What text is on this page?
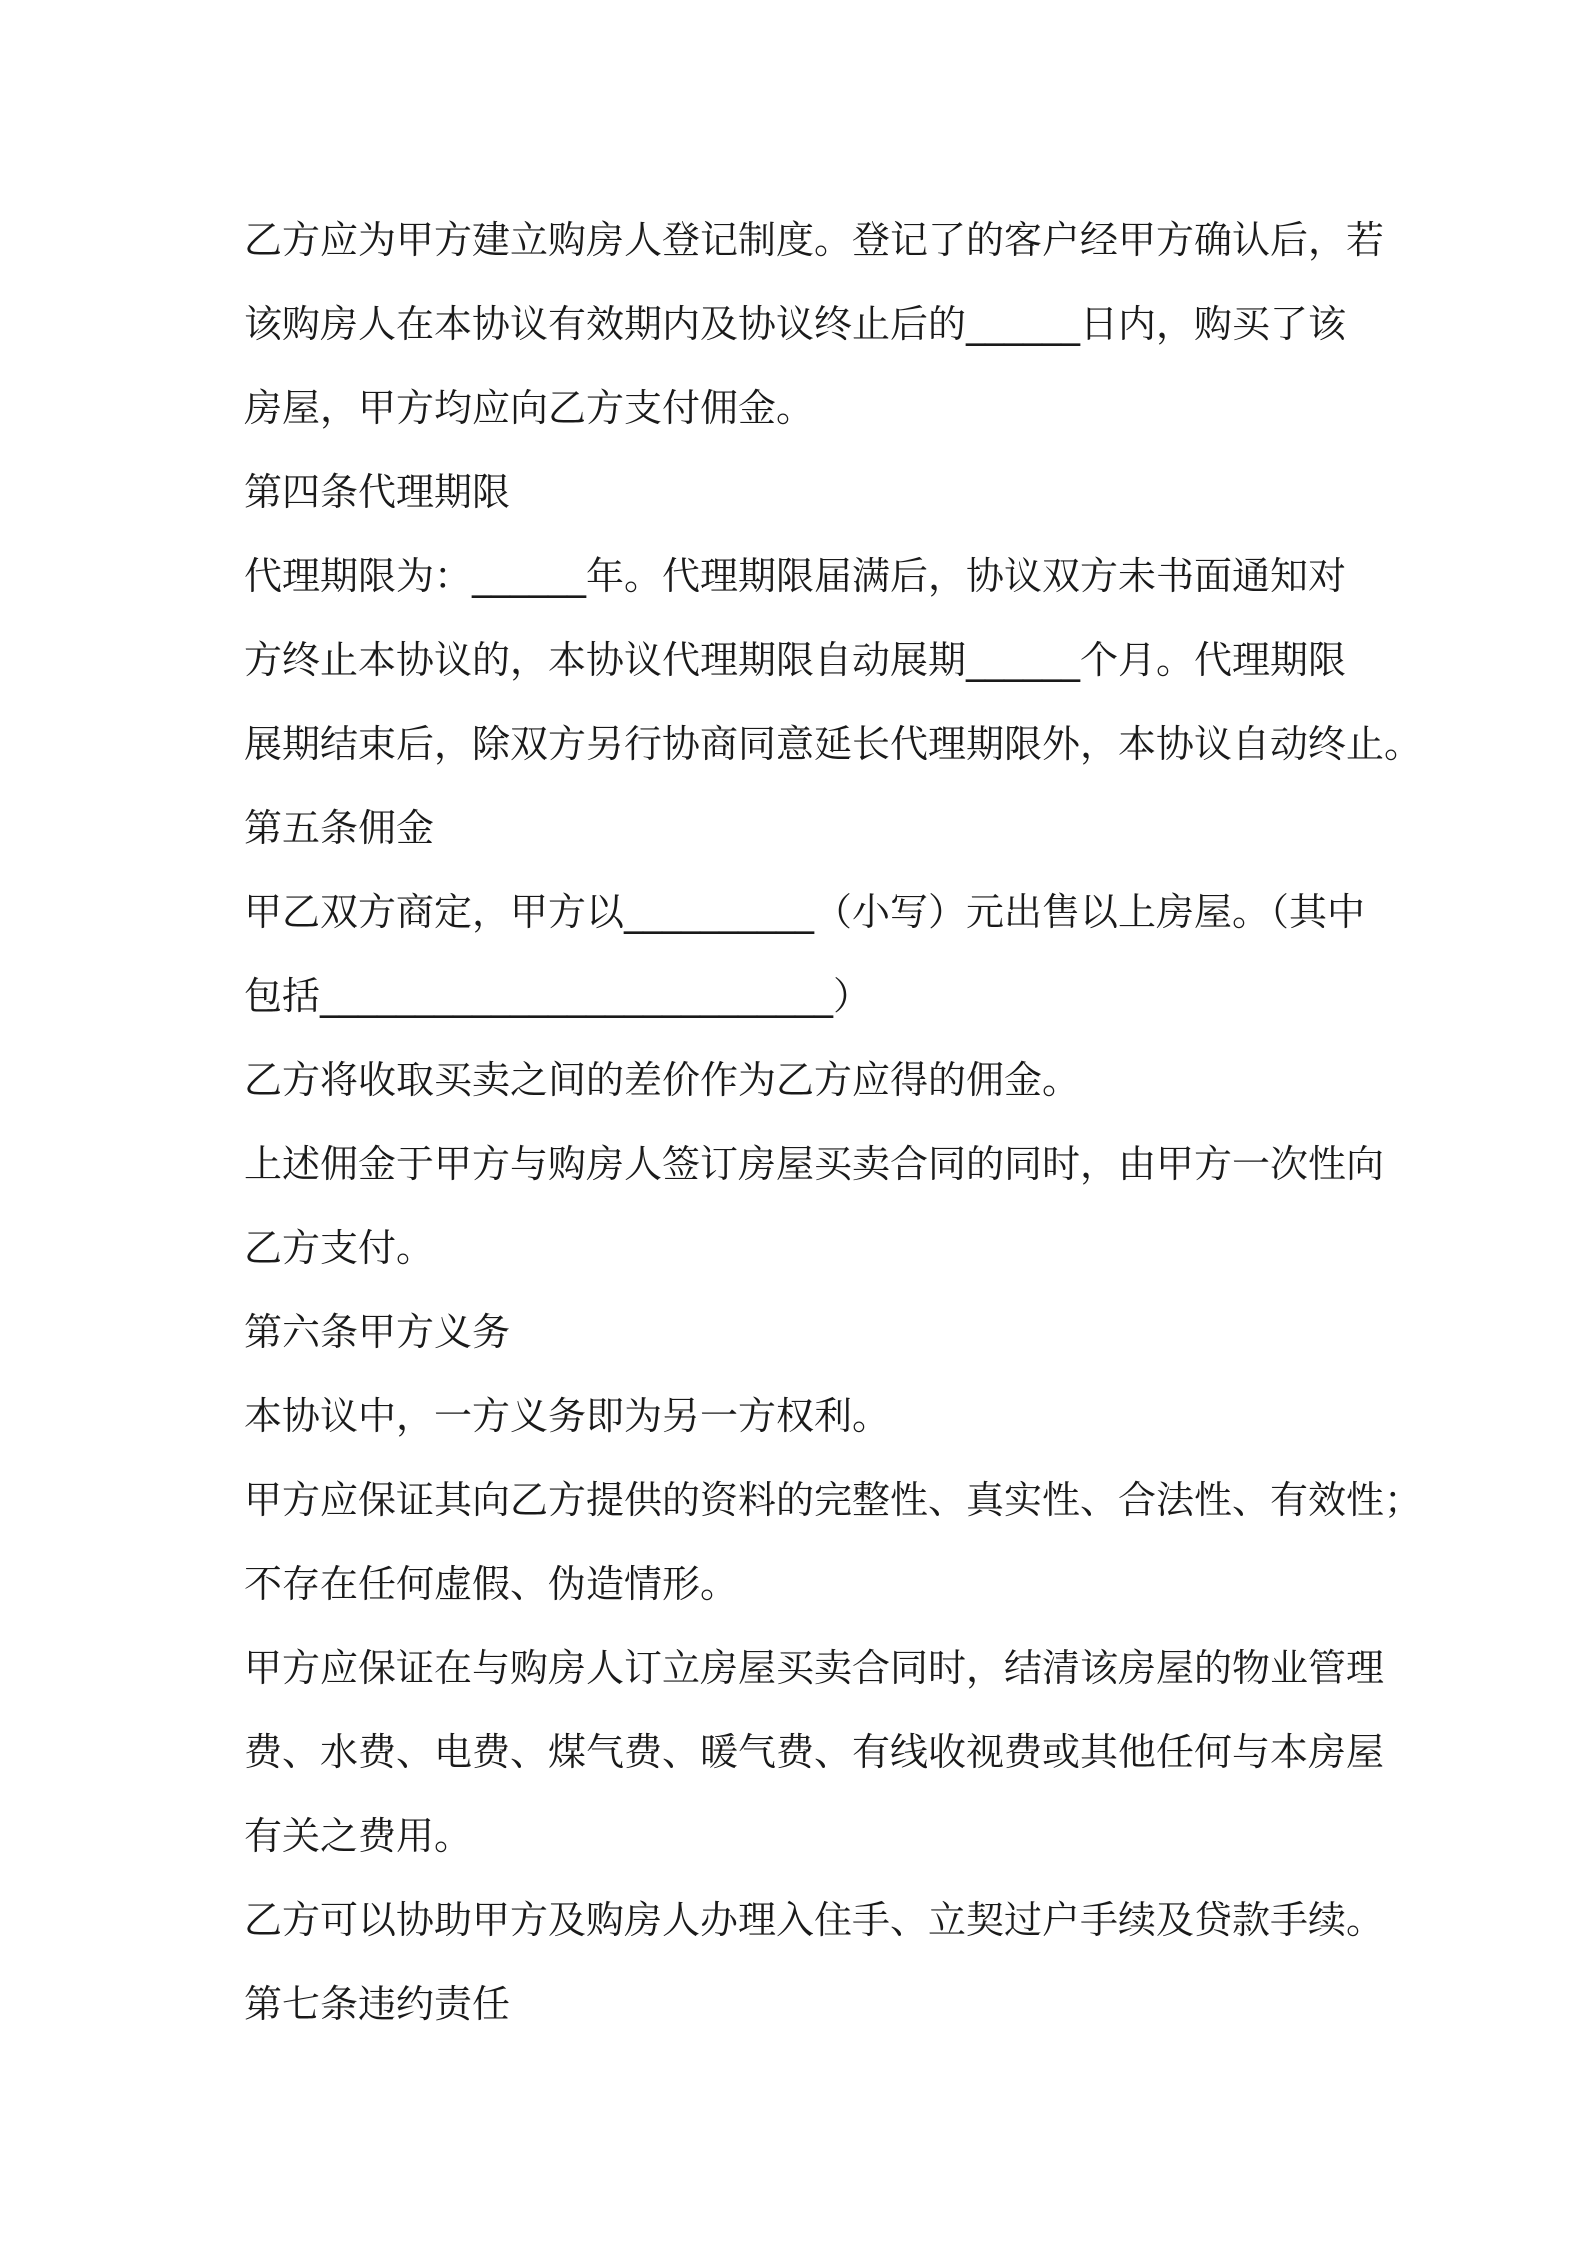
乙方应为甲方建立购房人登记制度。登记了的客户经甲方确认后，若
该购房人在本协议有效期内及协议终止后的______日内，购买了该
房屋，甲方均应向乙方支付佣金。
第四条代理期限
代理期限为：______年。代理期限届满后，协议双方未书面通知对
方终止本协议的，本协议代理期限自动展期______个月。代理期限
展期结束后，除双方另行协商同意延长代理期限外，本协议自动终止。
第五条佣金
甲乙双方商定，甲方以__________（小写）元出售以上房屋。（其中
包括___________________________）
乙方将收取买卖之间的差价作为乙方应得的佣金。
上述佣金于甲方与购房人签订房屋买卖合同的同时，由甲方一次性向
乙方支付。
第六条甲方义务
本协议中，一方义务即为另一方权利。
甲方应保证其向乙方提供的资料的完整性、真实性、合法性、有效性；
不存在任何虚假、伪造情形。
甲方应保证在与购房人订立房屋买卖合同时，结清该房屋的物业管理
费、水费、电费、煤气费、暖气费、有线收视费或其他任何与本房屋
有关之费用。
乙方可以协助甲方及购房人办理入住手、立契过户手续及贷款手续。
第七条违约责任
